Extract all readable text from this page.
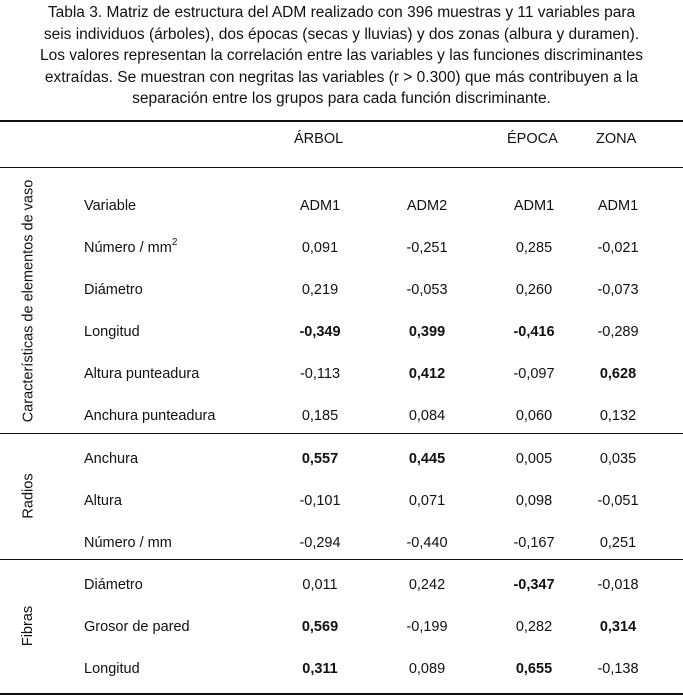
Tabla 3. Matriz de estructura del ADM realizado con 396 muestras y 11 variables para
seis individuos (árboles), dos épocas (secas y lluvias) y dos zonas (albura y duramen).
Los valores representan la correlación entre las variables y las funciones discriminantes
extraídas. Se muestran con negritas las variables (r > 0.300) que más contribuyen a la
separación entre los grupos para cada función discriminante.
ÁRBOL	ÉPOCA	ZONA
Variable	ADM1	ADM2	ADM1	ADM1
Características de elementos de vaso	Número / $mm^2$	0,091	-0,251	0,285	-0,021
Diámetro	0,219	-0,053	0,260	-0,073
Longitud	-0,349	0,399	-0,416	-0,289
Altura punteadura	-0,113	0,412	-0,097	0,628
Anchura punteadura	0,185	0,084	0,060	0,132
Radios
Anchura	0,557	0,445	0,005	0,035
Altura	-0,101	0,071	0,098	-0,051
Número / mm	-0,294	-0,440	-0,167	0,251
Fibras
Diámetro	0,011	0,242	-0,347	-0,018
Grosor de pared	0,569	-0,199	0,282	0,314
Longitud	0,311	0,089	0,655	-0,138
